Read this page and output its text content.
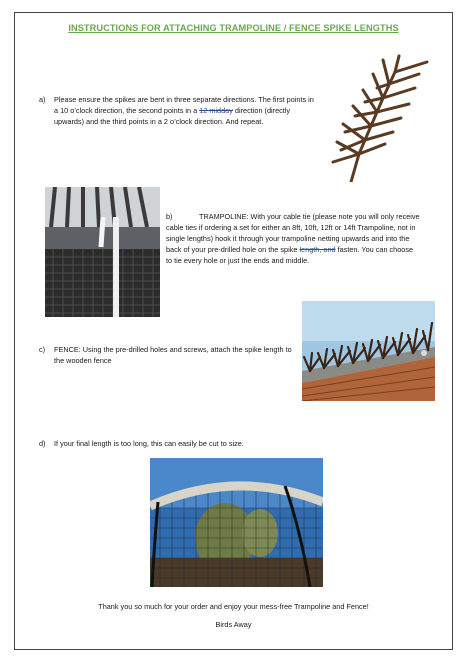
INSTRUCTIONS FOR ATTACHING TRAMPOLINE / FENCE SPIKE LENGTHS
a) Please ensure the spikes are bent in three separate directions. The first points in a 10 o’clock direction, the second points in a 12 midday direction (directly upwards) and the third points in a 2 o’clock direction. And repeat.
b)	TRAMPOLINE: With your cable tie (please note you will only receive cable ties if ordering a set for either an 8ft, 10ft, 12ft or 14ft Trampoline, not in single lengths) hook it through your trampoline netting upwards and into the back of your pre-drilled hole on the spike length, and fasten. You can choose to tie every hole or just the ends and middle.
c) FENCE: Using the pre-drilled holes and screws, attach the spike length to the wooden fence
d) If your final length is too long, this can easily be cut to size.
Thank you so much for your order and enjoy your mess-free Trampoline and Fence!
Birds Away
